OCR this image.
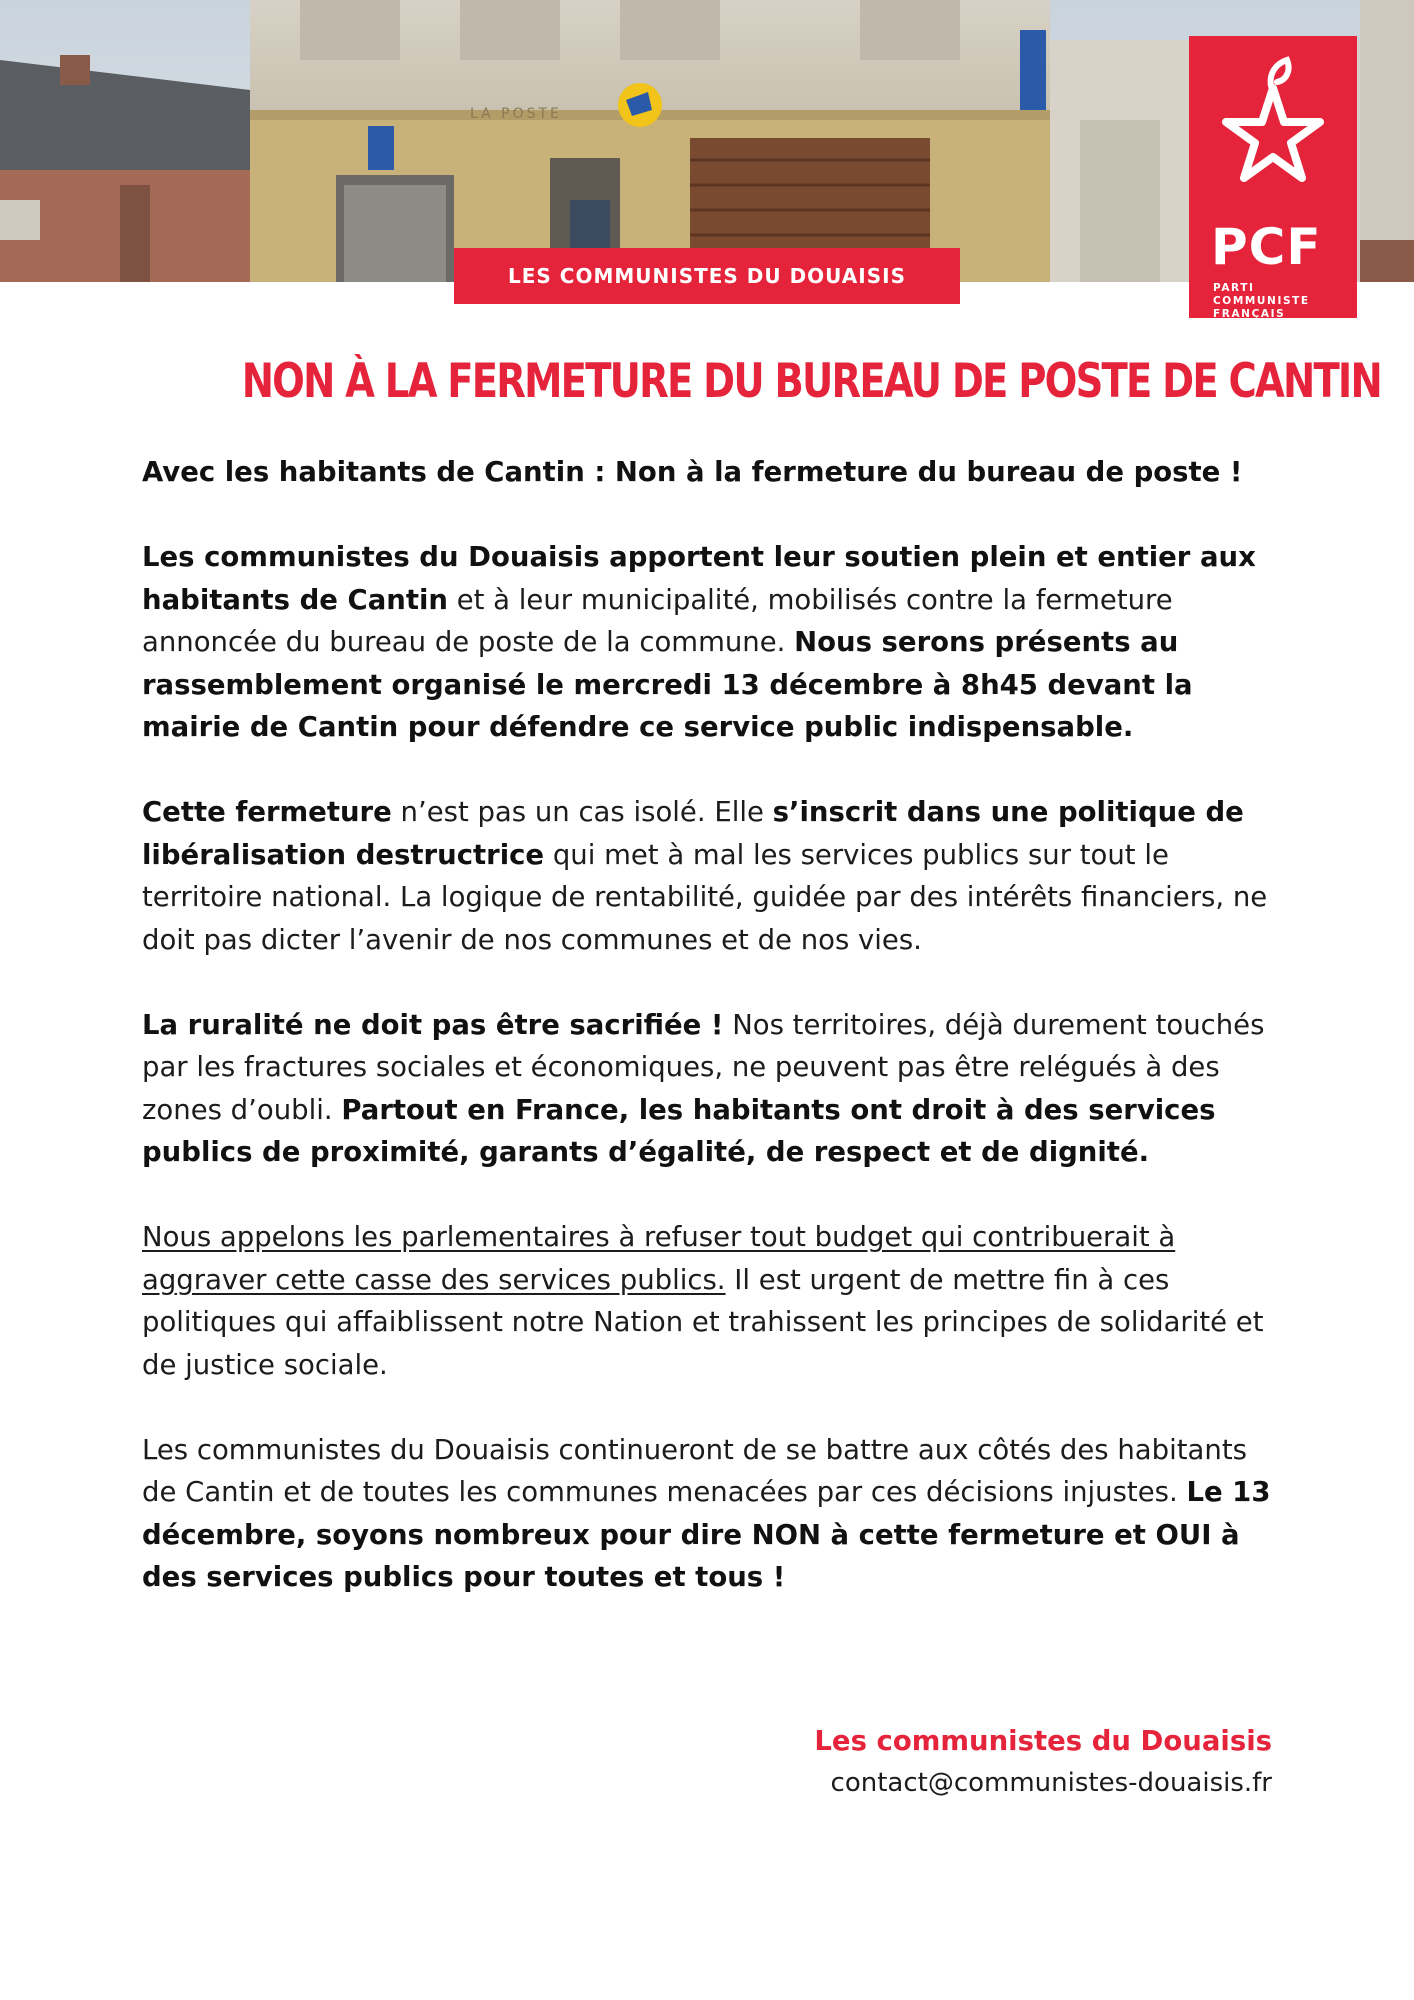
LA POSTE
LES COMMUNISTES DU DOUAISIS	PCF
PARTI
COMMUNISTE
FRANÇAIS
NON À LA FERMETURE DU BUREAU DE POSTE DE CANTIN

Avec les habitants de Cantin : Non à la fermeture du bureau de poste !

Les communistes du Douaisis apportent leur soutien plein et entier aux habitants de Cantin et à leur municipalité, mobilisés contre la fermeture annoncée du bureau de poste de la commune. Nous serons présents au rassemblement organisé le mercredi 13 décembre à 8h45 devant la mairie de Cantin pour défendre ce service public indispensable.

Cette fermeture n’est pas un cas isolé. Elle s’inscrit dans une politique de libéralisation destructrice qui met à mal les services publics sur tout le territoire national. La logique de rentabilité, guidée par des intérêts financiers, ne doit pas dicter l’avenir de nos communes et de nos vies.

La ruralité ne doit pas être sacrifiée ! Nos territoires, déjà durement touchés par les fractures sociales et économiques, ne peuvent pas être relégués à des zones d’oubli. Partout en France, les habitants ont droit à des services publics de proximité, garants d’égalité, de respect et de dignité.

Nous appelons les parlementaires à refuser tout budget qui contribuerait à aggraver cette casse des services publics. Il est urgent de mettre fin à ces politiques qui affaiblissent notre Nation et trahissent les principes de solidarité et de justice sociale.

Les communistes du Douaisis continueront de se battre aux côtés des habitants de Cantin et de toutes les communes menacées par ces décisions injustes. Le 13 décembre, soyons nombreux pour dire NON à cette fermeture et OUI à des services publics pour toutes et tous !

Les communistes du Douaisis
contact@communistes-douaisis.fr
